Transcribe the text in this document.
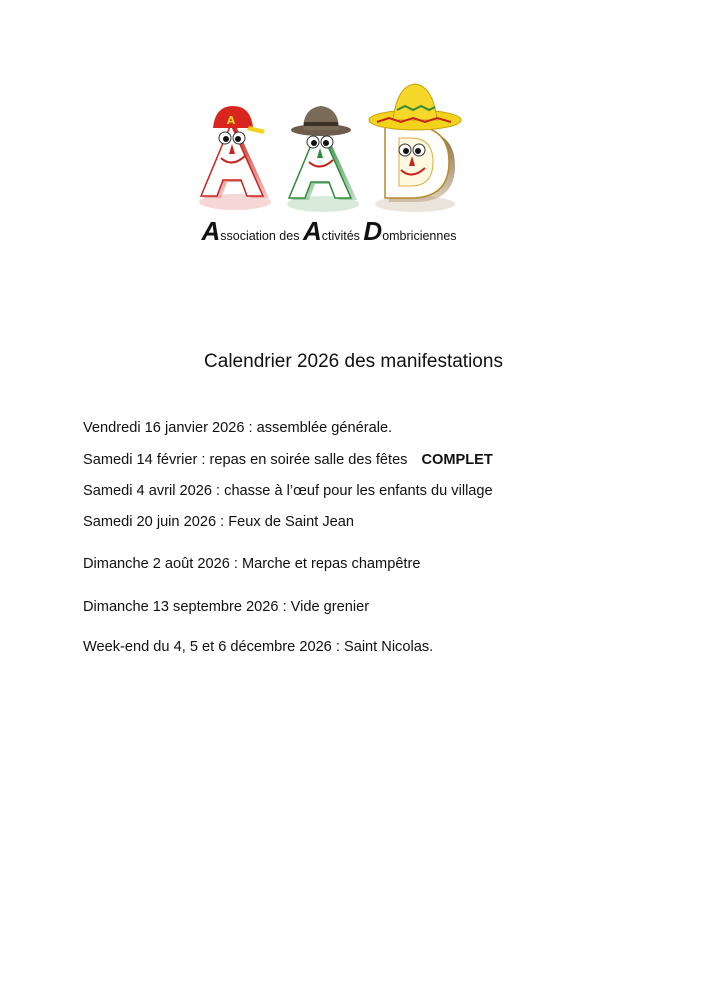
A
Association des Activités Dombriciennes
Calendrier 2026 des manifestations
Vendredi 16 janvier 2026 : assemblée générale.
Samedi 14 février : repas en soirée salle des fêtes COMPLET
Samedi 4 avril 2026 : chasse à l’œuf pour les enfants du village
Samedi 20 juin 2026 : Feux de Saint Jean
Dimanche 2 août 2026 : Marche et repas champêtre
Dimanche 13 septembre 2026 : Vide grenier
Week-end du 4, 5 et 6 décembre 2026 : Saint Nicolas.
